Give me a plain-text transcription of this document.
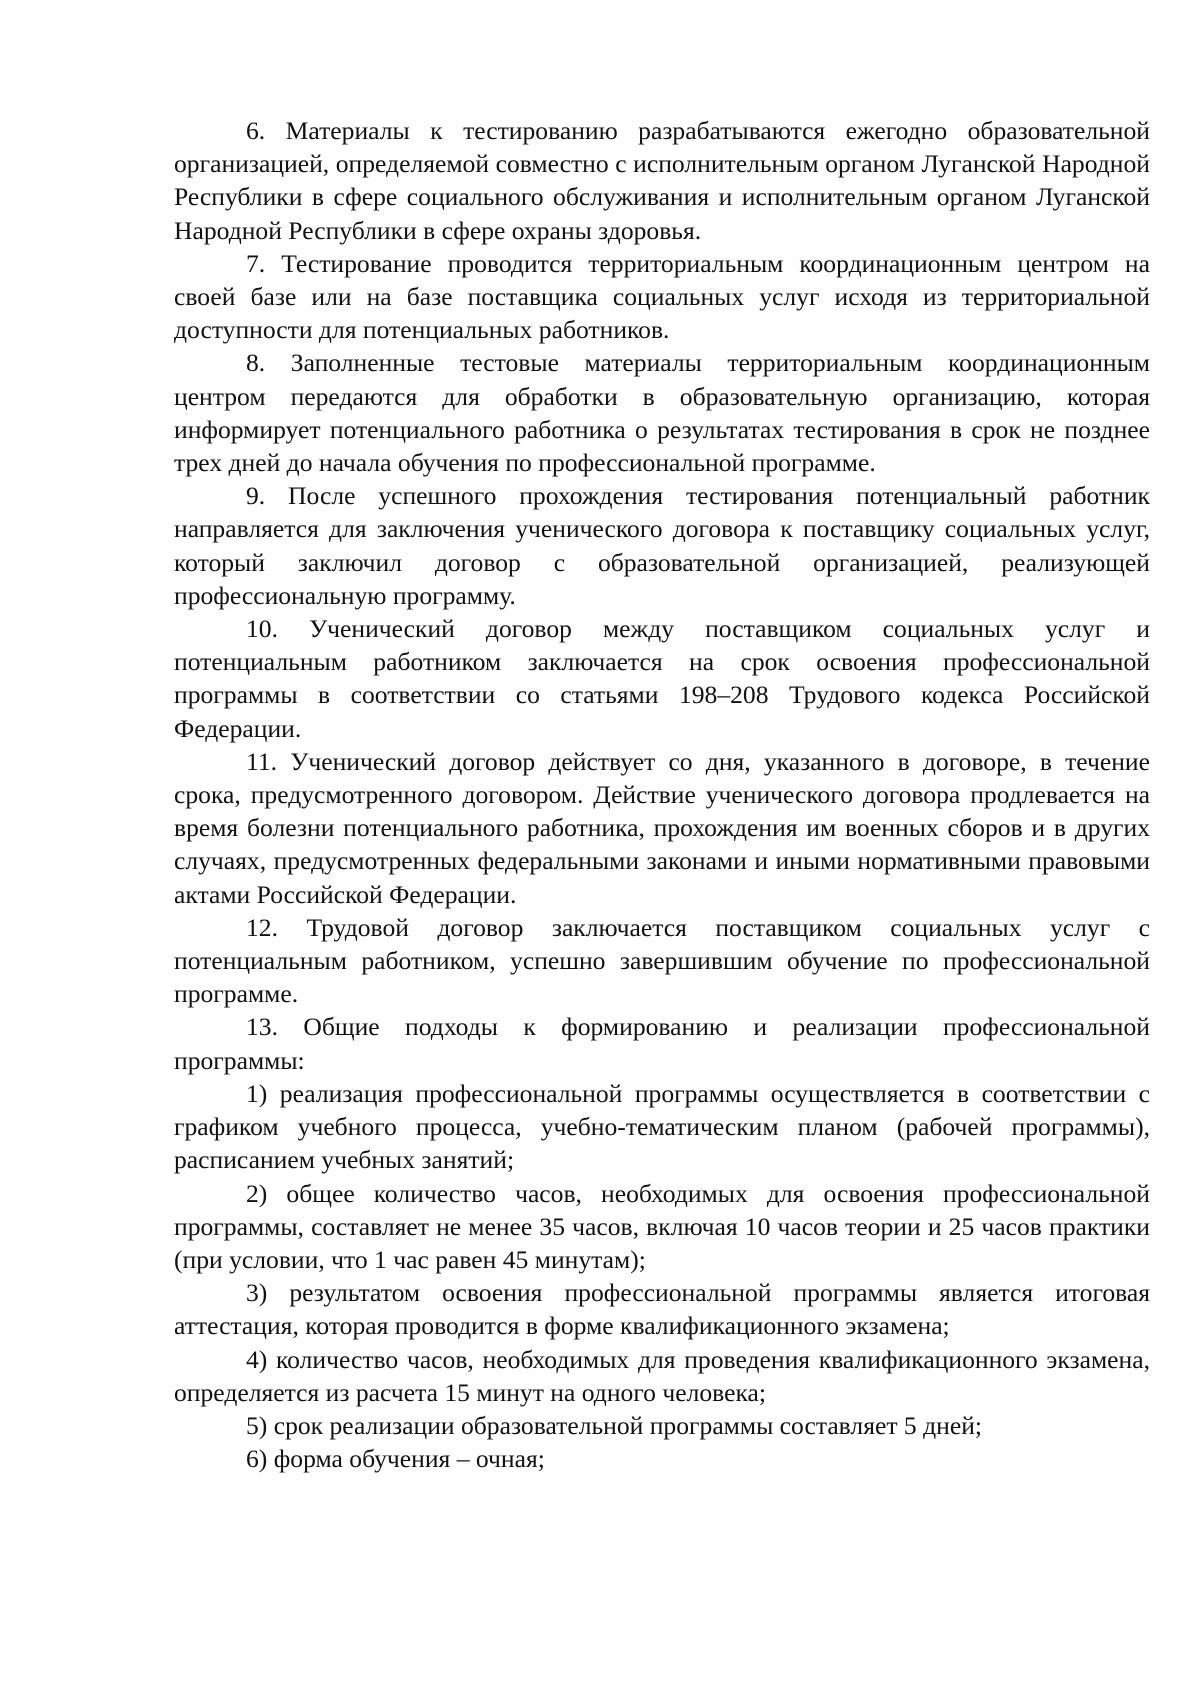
6. Материалы к тестированию разрабатываются ежегодно образовательной организацией, определяемой совместно с исполнительным органом Луганской Народной Республики в сфере социального обслуживания и исполнительным органом Луганской Народной Республики в сфере охраны здоровья.

7. Тестирование проводится территориальным координационным центром на своей базе или на базе поставщика социальных услуг исходя из территориальной доступности для потенциальных работников.

8. Заполненные тестовые материалы территориальным координационным центром передаются для обработки в образовательную организацию, которая информирует потенциального работника о результатах тестирования в срок не позднее трех дней до начала обучения по профессиональной программе.

9. После успешного прохождения тестирования потенциальный работник направляется для заключения ученического договора к поставщику социальных услуг, который заключил договор с образовательной организацией, реализующей профессиональную программу.

10. Ученический договор между поставщиком социальных услуг и потенциальным работником заключается на срок освоения профессиональной программы в соответствии со статьями 198–208 Трудового кодекса Российской Федерации.

11. Ученический договор действует со дня, указанного в договоре, в течение срока, предусмотренного договором. Действие ученического договора продлевается на время болезни потенциального работника, прохождения им военных сборов и в других случаях, предусмотренных федеральными законами и иными нормативными правовыми актами Российской Федерации.

12. Трудовой договор заключается поставщиком социальных услуг с потенциальным работником, успешно завершившим обучение по профессиональной программе.

13. Общие подходы к формированию и реализации профессиональной программы:

1) реализация профессиональной программы осуществляется в соответствии с графиком учебного процесса, учебно-тематическим планом (рабочей программы), расписанием учебных занятий;

2) общее количество часов, необходимых для освоения профессиональной программы, составляет не менее 35 часов, включая 10 часов теории и 25 часов практики (при условии, что 1 час равен 45 минутам);

3) результатом освоения профессиональной программы является итоговая аттестация, которая проводится в форме квалификационного экзамена;

4) количество часов, необходимых для проведения квалификационного экзамена, определяется из расчета 15 минут на одного человека;

5) срок реализации образовательной программы составляет 5 дней;

6) форма обучения – очная;
